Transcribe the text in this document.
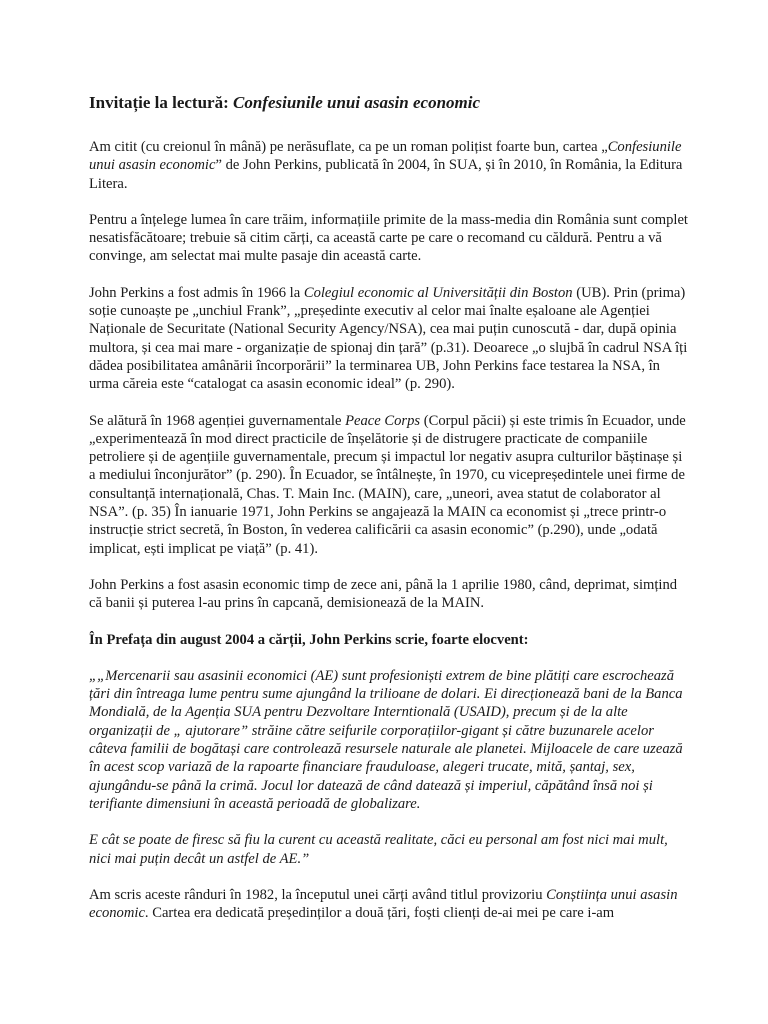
Invitație la lectură: Confesiunile unui asasin economic

Am citit (cu creionul în mână) pe nerăsuflate, ca pe un roman polițist foarte bun, cartea „Confesiunile unui asasin economic” de John Perkins, publicată în 2004, în SUA, și în 2010, în România, la Editura Litera.

Pentru a înțelege lumea în care trăim, informațiile primite de la mass-media din România sunt complet nesatisfăcătoare; trebuie să citim cărți, ca această carte pe care o recomand cu căldură. Pentru a vă convinge, am selectat mai multe pasaje din această carte.

John Perkins a fost admis în 1966 la Colegiul economic al Universității din Boston (UB). Prin (prima) soție cunoaște pe „unchiul Frank”, „președinte executiv al celor mai înalte eșaloane ale Agenției Naționale de Securitate (National Security Agency/NSA), cea mai puțin cunoscută - dar, după opinia multora, și cea mai mare - organizație de spionaj din țară” (p.31). Deoarece „o slujbă în cadrul NSA îți dădea posibilitatea amânării încorporării” la terminarea UB, John Perkins face testarea la NSA, în urma căreia este “catalogat ca asasin economic ideal” (p. 290).

Se alătură în 1968 agenției guvernamentale Peace Corps (Corpul păcii) și este trimis în Ecuador, unde „experimentează în mod direct practicile de înșelătorie și de distrugere practicate de companiile petroliere și de agențiile guvernamentale, precum și impactul lor negativ asupra culturilor băștinașe și a mediului înconjurător” (p. 290). În Ecuador, se întâlnește, în 1970, cu vicepreședintele unei firme de consultanță internațională, Chas. T. Main Inc. (MAIN), care, „uneori, avea statut de colaborator al NSA”. (p. 35) În ianuarie 1971, John Perkins se angajează la MAIN ca economist și „trece printr-o instrucție strict secretă, în Boston, în vederea calificării ca asasin economic” (p.290), unde „odată implicat, ești implicat pe viață” (p. 41).

John Perkins a fost asasin economic timp de zece ani, până la 1 aprilie 1980, când, deprimat, simțind că banii și puterea l-au prins în capcană, demisionează de la MAIN.

În Prefața din august 2004 a cărții, John Perkins scrie, foarte elocvent:

„„Mercenarii sau asasinii economici (AE) sunt profesioniști extrem de bine plătiți care escrochează țări din întreaga lume pentru sume ajungând la trilioane de dolari. Ei direcționează bani de la Banca Mondială, de la Agenția SUA pentru Dezvoltare Interntională (USAID), precum și de la alte organizații de „ ajutorare” străine către seifurile corporațiilor-gigant și către buzunarele acelor câteva familii de bogătași care controlează resursele naturale ale planetei. Mijloacele de care uzează în acest scop variază de la rapoarte financiare frauduloase, alegeri trucate, mită, șantaj, sex, ajungându-se până la crimă. Jocul lor datează de când datează și imperiul, căpătând însă noi și terifiante dimensiuni în această perioadă de globalizare.

E cât se poate de firesc să fiu la curent cu această realitate, căci eu personal am fost nici mai mult, nici mai puțin decât un astfel de AE.”

Am scris aceste rânduri în 1982, la începutul unei cărți având titlul provizoriu Conștiința unui asasin economic. Cartea era dedicată președinților a două țări, foști clienți de-ai mei pe care i-am
